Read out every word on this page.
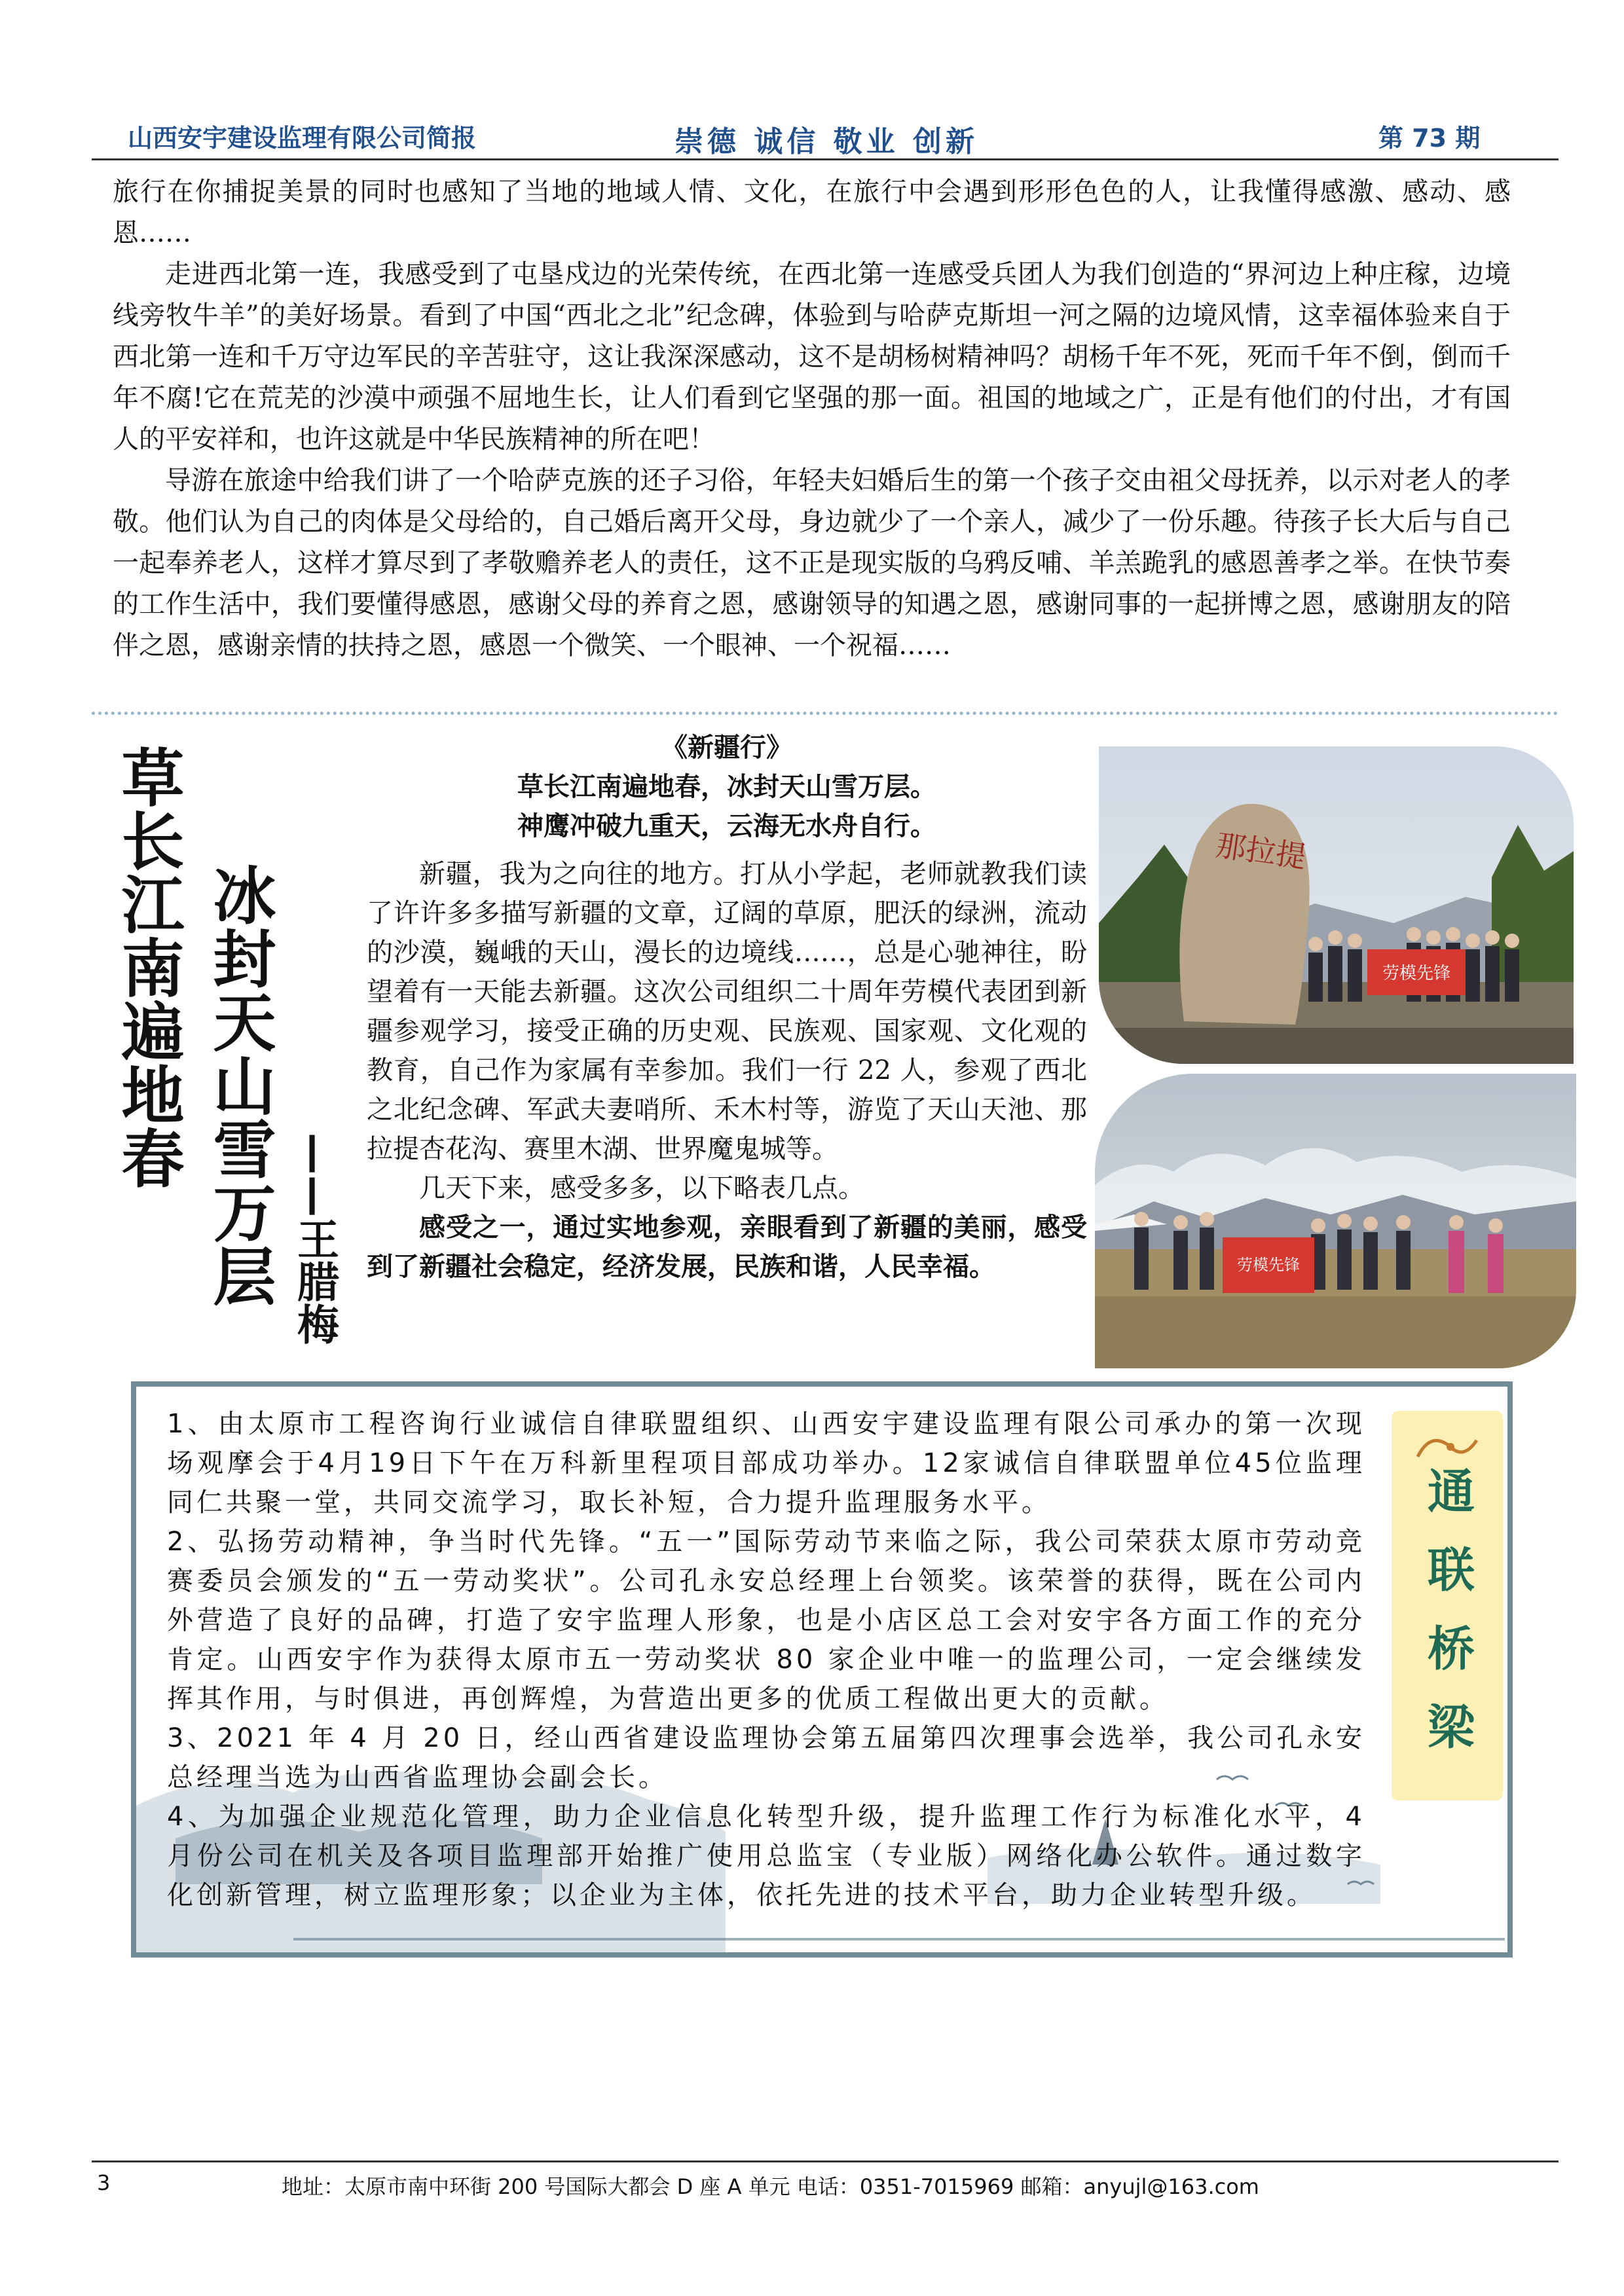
山西安宇建设监理有限公司简报	崇德 诚信 敬业 创新	第 73 期

旅行在你捕捉美景的同时也感知了当地的地域人情、文化，在旅行中会遇到形形色色的人，让我懂得感激、感动、感恩……

走进西北第一连，我感受到了屯垦戍边的光荣传统，在西北第一连感受兵团人为我们创造的“界河边上种庄稼，边境线旁牧牛羊”的美好场景。看到了中国“西北之北”纪念碑，体验到与哈萨克斯坦一河之隔的边境风情，这幸福体验来自于西北第一连和千万守边军民的辛苦驻守，这让我深深感动，这不是胡杨树精神吗？胡杨千年不死，死而千年不倒，倒而千年不腐!它在荒芜的沙漠中顽强不屈地生长，让人们看到它坚强的那一面。祖国的地域之广，正是有他们的付出，才有国人的平安祥和，也许这就是中华民族精神的所在吧！

导游在旅途中给我们讲了一个哈萨克族的还子习俗，年轻夫妇婚后生的第一个孩子交由祖父母抚养，以示对老人的孝敬。他们认为自己的肉体是父母给的，自己婚后离开父母，身边就少了一个亲人，减少了一份乐趣。待孩子长大后与自己一起奉养老人，这样才算尽到了孝敬赡养老人的责任，这不正是现实版的乌鸦反哺、羊羔跪乳的感恩善孝之举。在快节奏的工作生活中，我们要懂得感恩，感谢父母的养育之恩，感谢领导的知遇之恩，感谢同事的一起拼博之恩，感谢朋友的陪伴之恩，感谢亲情的扶持之恩，感恩一个微笑、一个眼神、一个祝福……

草长江南遍地春 冰封天山雪万层 ——王腊梅
《新疆行》
草长江南遍地春，冰封天山雪万层。
神鹰冲破九重天，云海无水舟自行。

新疆，我为之向往的地方。打从小学起，老师就教我们读了许许多多描写新疆的文章，辽阔的草原，肥沃的绿洲，流动的沙漠，巍峨的天山，漫长的边境线……，总是心驰神往，盼望着有一天能去新疆。这次公司组织二十周年劳模代表团到新疆参观学习，接受正确的历史观、民族观、国家观、文化观的教育，自己作为家属有幸参加。我们一行 22 人，参观了西北之北纪念碑、军武夫妻哨所、禾木村等，游览了天山天池、那拉提杏花沟、赛里木湖、世界魔鬼城等。

几天下来，感受多多，以下略表几点。

感受之一，通过实地参观，亲眼看到了新疆的美丽，感受到了新疆社会稳定，经济发展，民族和谐，人民幸福。

那拉提
劳模先锋
劳模先锋

1、由太原市工程咨询行业诚信自律联盟组织、山西安宇建设监理有限公司承办的第一次现场观摩会于4月19日下午在万科新里程项目部成功举办。12家诚信自律联盟单位45位监理同仁共聚一堂，共同交流学习，取长补短，合力提升监理服务水平。

2、弘扬劳动精神，争当时代先锋。“五一”国际劳动节来临之际，我公司荣获太原市劳动竞赛委员会颁发的“五一劳动奖状”。公司孔永安总经理上台领奖。该荣誉的获得，既在公司内外营造了良好的品碑，打造了安宇监理人形象，也是小店区总工会对安宇各方面工作的充分肯定。山西安宇作为获得太原市五一劳动奖状 80 家企业中唯一的监理公司，一定会继续发挥其作用，与时俱进，再创辉煌，为营造出更多的优质工程做出更大的贡献。

3、2021 年 4 月 20 日，经山西省建设监理协会第五届第四次理事会选举，我公司孔永安总经理当选为山西省监理协会副会长。

4、为加强企业规范化管理，助力企业信息化转型升级，提升监理工作行为标准化水平，4 月份公司在机关及各项目监理部开始推广使用总监宝（专业版）网络化办公软件。通过数字化创新管理，树立监理形象；以企业为主体，依托先进的技术平台，助力企业转型升级。

通联桥梁
3	地址：太原市南中环街 200 号国际大都会 D 座 A 单元 电话：0351-7015969 邮箱：anyujl@163.com
